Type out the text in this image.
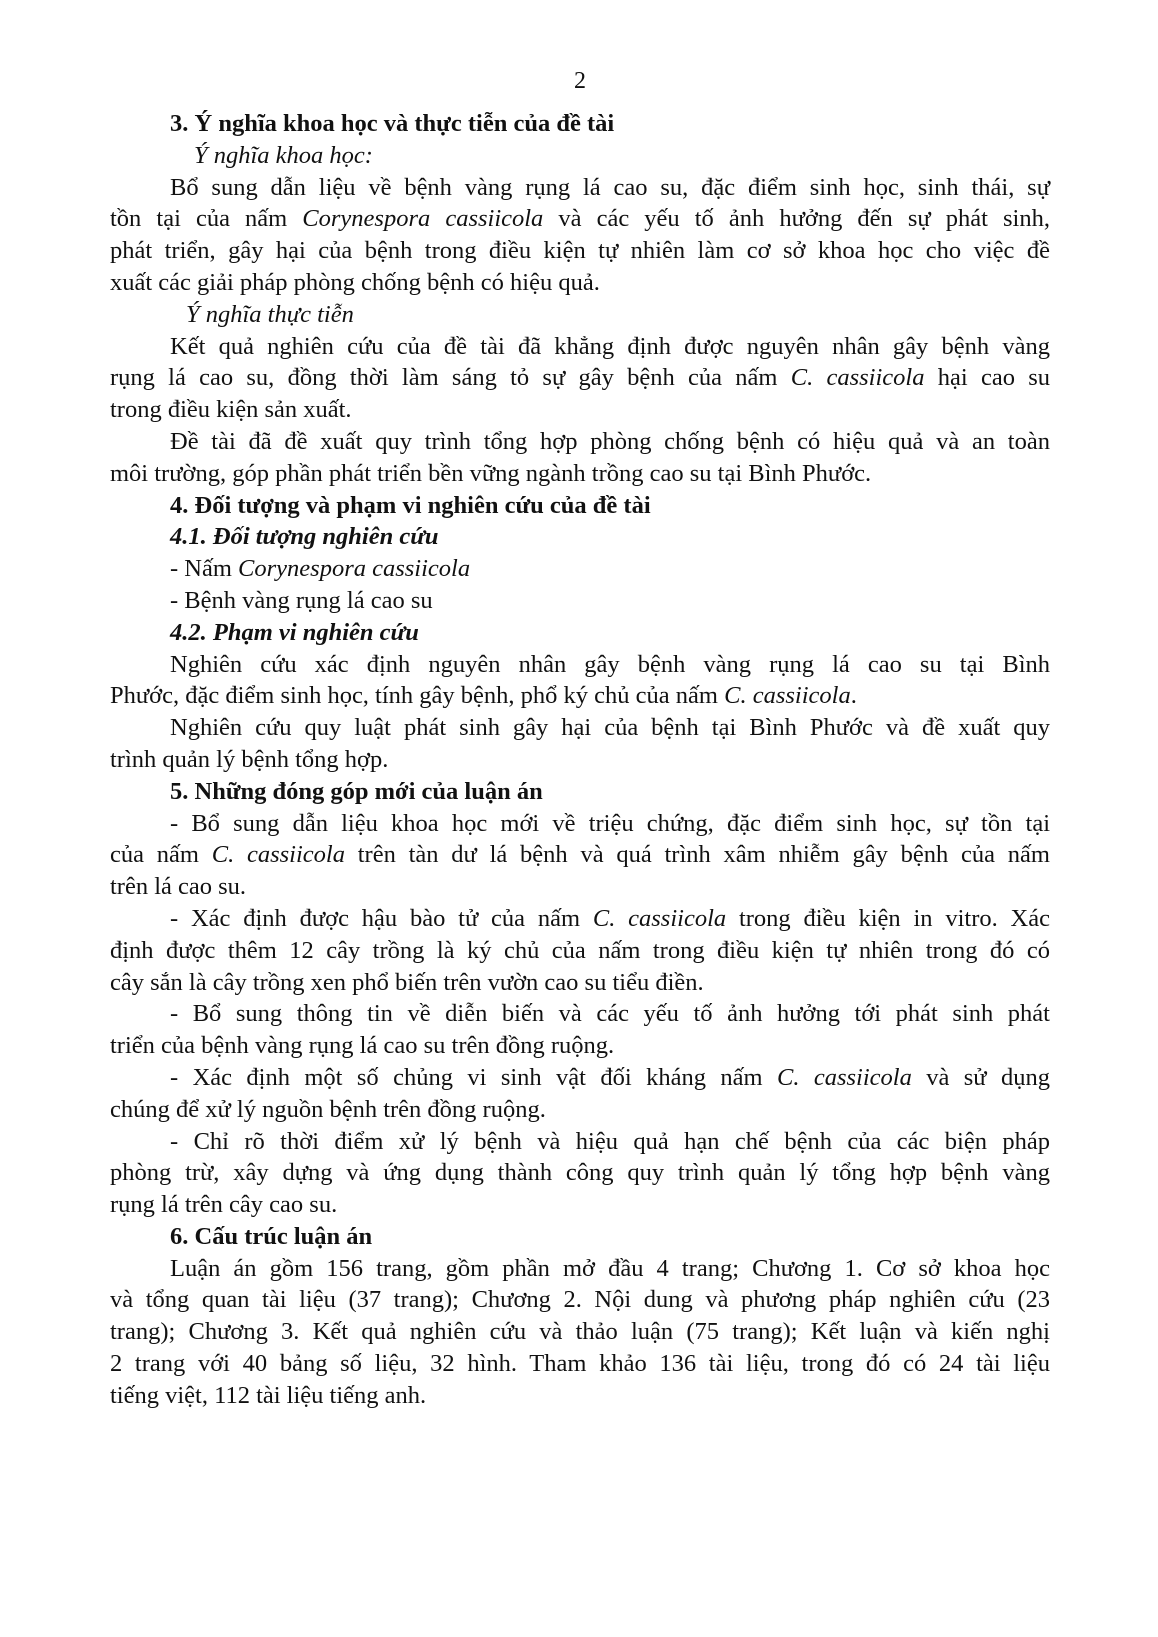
2
3. Ý nghĩa khoa học và thực tiễn của đề tài
Ý nghĩa khoa học:
Bổ sung dẫn liệu về bệnh vàng rụng lá cao su, đặc điểm sinh học, sinh thái, sự
tồn tại của nấm Corynespora cassiicola và các yếu tố ảnh hưởng đến sự phát sinh,
phát triển, gây hại của bệnh trong điều kiện tự nhiên làm cơ sở khoa học cho việc đề
xuất các giải pháp phòng chống bệnh có hiệu quả.
Ý nghĩa thực tiễn
Kết quả nghiên cứu của đề tài đã khẳng định được nguyên nhân gây bệnh vàng
rụng lá cao su, đồng thời làm sáng tỏ sự gây bệnh của nấm C. cassiicola hại cao su
trong điều kiện sản xuất.
Đề tài đã đề xuất quy trình tổng hợp phòng chống bệnh có hiệu quả và an toàn
môi trường, góp phần phát triển bền vững ngành trồng cao su tại Bình Phước.
4. Đối tượng và phạm vi nghiên cứu của đề tài
4.1. Đối tượng nghiên cứu
- Nấm Corynespora cassiicola
- Bệnh vàng rụng lá cao su
4.2. Phạm vi nghiên cứu
Nghiên cứu xác định nguyên nhân gây bệnh vàng rụng lá cao su tại Bình
Phước, đặc điểm sinh học, tính gây bệnh, phổ ký chủ của nấm C. cassiicola.
Nghiên cứu quy luật phát sinh gây hại của bệnh tại Bình Phước và đề xuất quy
trình quản lý bệnh tổng hợp.
5. Những đóng góp mới của luận án
- Bổ sung dẫn liệu khoa học mới về triệu chứng, đặc điểm sinh học, sự tồn tại
của nấm C. cassiicola trên tàn dư lá bệnh và quá trình xâm nhiễm gây bệnh của nấm
trên lá cao su.
- Xác định được hậu bào tử của nấm C. cassiicola trong điều kiện in vitro. Xác
định được thêm 12 cây trồng là ký chủ của nấm trong điều kiện tự nhiên trong đó có
cây sắn là cây trồng xen phổ biến trên vườn cao su tiểu điền.
- Bổ sung thông tin về diễn biến và các yếu tố ảnh hưởng tới phát sinh phát
triển của bệnh vàng rụng lá cao su trên đồng ruộng.
- Xác định một số chủng vi sinh vật đối kháng nấm C. cassiicola và sử dụng
chúng để xử lý nguồn bệnh trên đồng ruộng.
- Chỉ rõ thời điểm xử lý bệnh và hiệu quả hạn chế bệnh của các biện pháp
phòng trừ, xây dựng và ứng dụng thành công quy trình quản lý tổng hợp bệnh vàng
rụng lá trên cây cao su.
6. Cấu trúc luận án
Luận án gồm 156 trang, gồm phần mở đầu 4 trang; Chương 1. Cơ sở khoa học
và tổng quan tài liệu (37 trang); Chương 2. Nội dung và phương pháp nghiên cứu (23
trang); Chương 3. Kết quả nghiên cứu và thảo luận (75 trang); Kết luận và kiến nghị
2 trang với 40 bảng số liệu, 32 hình. Tham khảo 136 tài liệu, trong đó có 24 tài liệu
tiếng việt, 112 tài liệu tiếng anh.
